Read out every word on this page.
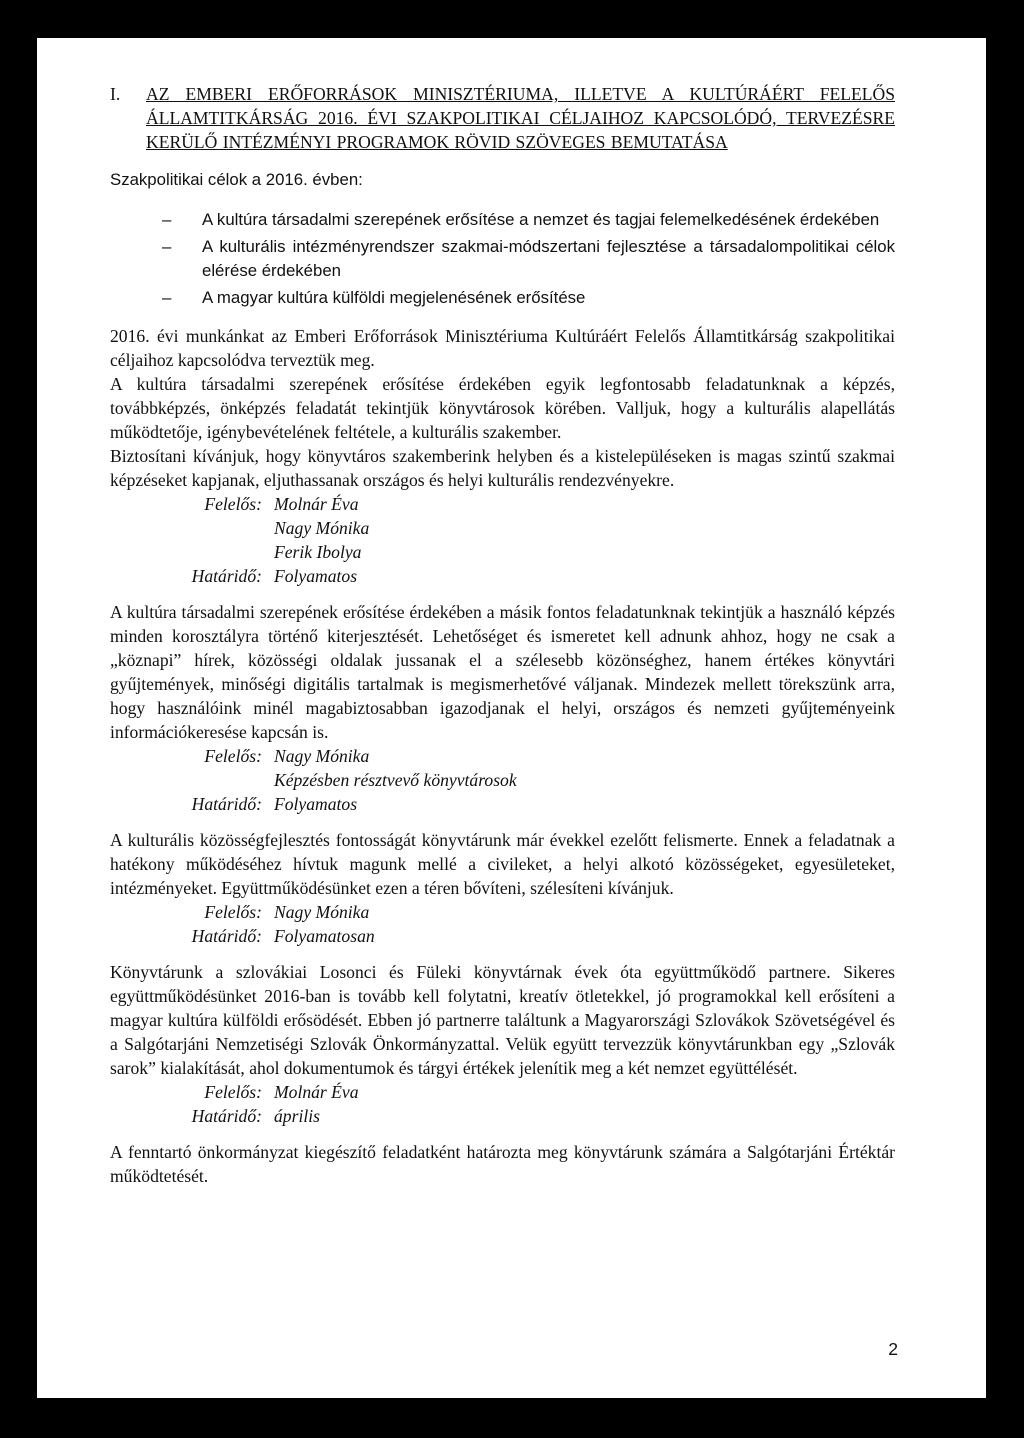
I.	AZ EMBERI ERŐFORRÁSOK MINISZTÉRIUMA, ILLETVE A KULTÚRÁÉRT FELELŐS ÁLLAMTITKÁRSÁG 2016. ÉVI SZAKPOLITIKAI CÉLJAIHOZ KAPCSOLÓDÓ, TERVEZÉSRE KERÜLŐ INTÉZMÉNYI PROGRAMOK RÖVID SZÖVEGES BEMUTATÁSA
Szakpolitikai célok a 2016. évben:
– A kultúra társadalmi szerepének erősítése a nemzet és tagjai felemelkedésének érdekében
– A kulturális intézményrendszer szakmai-módszertani fejlesztése a társadalompolitikai célok elérése érdekében
– A magyar kultúra külföldi megjelenésének erősítése

2016. évi munkánkat az Emberi Erőforrások Minisztériuma Kultúráért Felelős Államtitkárság szakpolitikai céljaihoz kapcsolódva terveztük meg.

A kultúra társadalmi szerepének erősítése érdekében egyik legfontosabb feladatunknak a képzés, továbbképzés, önképzés feladatát tekintjük könyvtárosok körében. Valljuk, hogy a kulturális alapellátás működtetője, igénybevételének feltétele, a kulturális szakember.

Biztosítani kívánjuk, hogy könyvtáros szakemberink helyben és a kistelepüléseken is magas szintű szakmai képzéseket kapjanak, eljuthassanak országos és helyi kulturális rendezvényekre.

Felelős: Molnár Éva
Nagy Mónika
Ferik Ibolya
Határidő: Folyamatos

A kultúra társadalmi szerepének erősítése érdekében a másik fontos feladatunknak tekintjük a használó képzés minden korosztályra történő kiterjesztését. Lehetőséget és ismeretet kell adnunk ahhoz, hogy ne csak a „köznapi” hírek, közösségi oldalak jussanak el a szélesebb közönséghez, hanem értékes könyvtári gyűjtemények, minőségi digitális tartalmak is megismerhetővé váljanak. Mindezek mellett törekszünk arra, hogy használóink minél magabiztosabban igazodjanak el helyi, országos és nemzeti gyűjteményeink információkeresése kapcsán is.

Felelős: Nagy Mónika
Képzésben résztvevő könyvtárosok
Határidő: Folyamatos

A kulturális közösségfejlesztés fontosságát könyvtárunk már évekkel ezelőtt felismerte. Ennek a feladatnak a hatékony működéséhez hívtuk magunk mellé a civileket, a helyi alkotó közösségeket, egyesületeket, intézményeket. Együttműködésünket ezen a téren bővíteni, szélesíteni kívánjuk.

Felelős: Nagy Mónika
Határidő: Folyamatosan

Könyvtárunk a szlovákiai Losonci és Füleki könyvtárnak évek óta együttműködő partnere. Sikeres együttműködésünket 2016-ban is tovább kell folytatni, kreatív ötletekkel, jó programokkal kell erősíteni a magyar kultúra külföldi erősödését. Ebben jó partnerre találtunk a Magyarországi Szlovákok Szövetségével és a Salgótarjáni Nemzetiségi Szlovák Önkormányzattal. Velük együtt tervezzük könyvtárunkban egy „Szlovák sarok” kialakítását, ahol dokumentumok és tárgyi értékek jelenítik meg a két nemzet együttélését.

Felelős: Molnár Éva
Határidő: április

A fenntartó önkormányzat kiegészítő feladatként határozta meg könyvtárunk számára a Salgótarjáni Értéktár működtetését.

2
